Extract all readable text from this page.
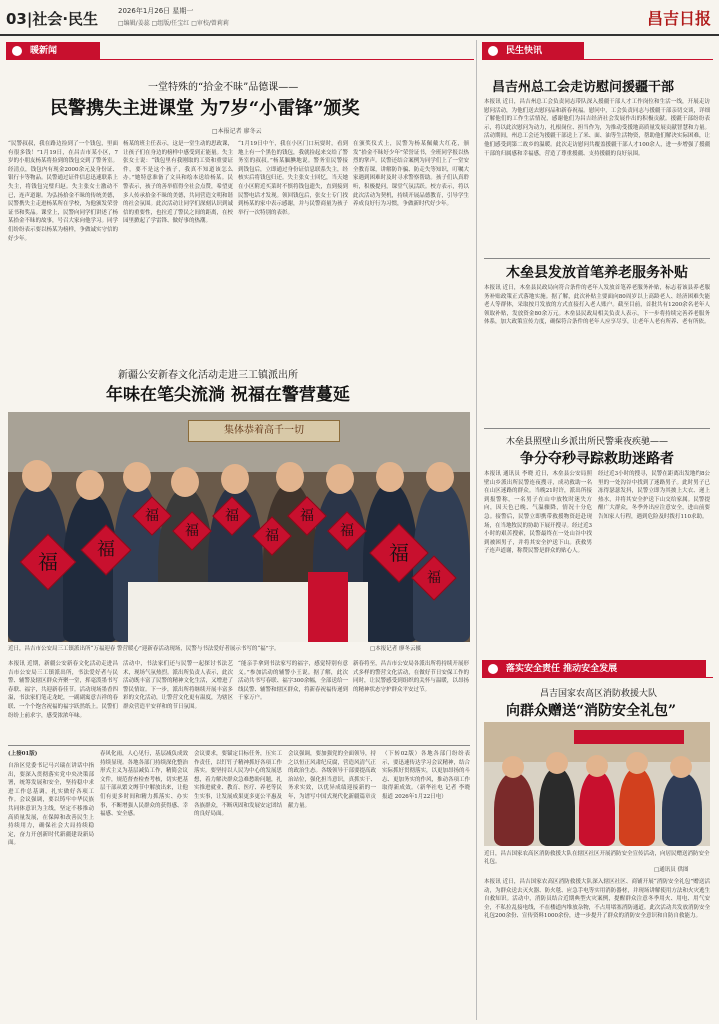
03|社会·民生	2026年1月26日 星期一
□编辑/姜蕊 □组版/任宝红 □审校/曾莉莉	昌吉日报
暖新闻
一堂特殊的“拾金不昧”品德课——
民警携失主进课堂 为7岁“小雷锋”颁奖
□本报记者 廖冬云
“民警叔叔，我在路边捡到了一个钱包，里面有很多钱！”1月19日，在昌吉市某小区，7岁的小朋友杨某将捡到的钱包交到了警务室。经清点，钱包内有现金2000余元及身份证、银行卡等物品。民警通过证件信息迅速联系上失主，将钱包完璧归赵。失主张女士激动不已，连声道谢。为弘扬拾金不昧的传统美德，民警携失主走进杨某所在学校，为他颁发荣誉证书和奖品。课堂上，民警向同学们讲述了杨某拾金不昧的故事，号召大家向他学习。同学们纷纷表示要以杨某为榜样，争做诚实守信的好少年。
杨某的班主任表示，这是一堂生动的思政课，让孩子们在身边的榜样中感受到正能量。失主张女士说：“钱包里有我刚取的工资和重要证件，要不是这个孩子，我真不知道该怎么办。”她特意准备了文具和绘本送给杨某。民警表示，孩子的善举值得全社会点赞，希望更多人传承拾金不昧的美德，共同营造文明和谐的社会氛围。此次活动让同学们深刻认识到诚信的重要性，也拉近了警民之间的距离，在校园里掀起了学雷锋、做好事的热潮。
“1月19日中午，我在小区门口玩耍时，看到地上有一个黑色的钱包，我就捡起来交给了警务室的叔叔。”杨某腼腆地说。警务室民警接到钱包后，立即通过身份证信息联系失主，经核实后将钱包归还。失主张女士回忆，当天她在小区附近买菜时不慎将钱包遗失，直到接到民警电话才发现。领回钱包后，张女士专门找到杨某的家中表示感谢，并与民警商量为孩子举行一次特别的表彰。
在颁奖仪式上，民警为杨某佩戴大红花，颁发“拾金不昧好少年”荣誉证书，全班同学报以热烈的掌声。民警还结合案例为同学们上了一堂安全教育课，讲解防诈骗、防走失等知识，叮嘱大家遇到困难时及时寻求警察帮助。孩子们认真聆听，积极提问，课堂气氛活跃。校方表示，将以此次活动为契机，持续开展品德教育，引导学生养成良好行为习惯，争做新时代好少年。
新疆公安新春文化活动走进三工镇派出所
年味在笔尖流淌 祝福在警营蔓延
集体恭着高千一切
福
福
福
福
福
福
福
福
福
福
近日，昌吉市公安局三工镇派出所“万福迎春 警营暖心”迎新春活动现场，民警与书法爱好者展示书写的“福”字。	□本报记者 廖冬云摄
本报讯 近期，新疆公安新春文化活动走进昌吉市公安局三工镇派出所，书法爱好者与民警、辅警及辖区群众齐聚一堂，挥毫泼墨书写春联、福字，共迎新春佳节。活动现场墨香四溢，书法家们笔走龙蛇，一副副寓意吉祥的春联、一个个饱含祝福的福字跃然纸上。民警们纷纷上前求字，感受浓浓年味。
活动中，书法家们还与民警一起探讨书法艺术，现场气氛热烈。派出所负责人表示，此次活动既丰富了民警的精神文化生活，又增进了警民情谊。下一步，派出所将继续开展丰富多彩的文化活动，让警营文化更有温度，为辖区群众营造平安祥和的节日氛围。
“能亲手拿到书法家写的福字，感觉特别有意义。”参加活动的辅警小王说。据了解，此次活动共书写春联、福字300余幅，全部送给一线民警、辅警和辖区群众，将新春祝福传递到千家万户。
新春将至，昌吉市公安局各派出所将持续开展形式多样的警营文化活动，在做好节日安保工作的同时，让民警感受到组织的关怀与温暖，以昂扬的精神状态守护群众平安过节。
(上接01版)
自治区党委书记马兴瑞在讲话中指出，要深入贯彻落实党中央决策部署，统筹发展和安全，坚持稳中求进工作总基调，扎实做好各项工作。会议强调，要以铸牢中华民族共同体意识为主线，坚定不移推动高质量发展，在保障和改善民生上持续用力，确保社会大局持续稳定，奋力开创新时代新疆建设新局面。
春风化雨，人心见行，基层减负成效持续显现。各地各部门持续深化整治形式主义为基层减负工作，精简会议文件，规范督查检查考核，切实把基层干部从繁文缛节中解放出来，让他们有更多时间和精力抓落实、办实事，不断增强人民群众的获得感、幸福感、安全感。
会议要求，要锚定目标任务，压实工作责任，以钉钉子精神抓好各项工作落实。要坚持以人民为中心的发展思想，着力解决群众急难愁盼问题，扎实推进就业、教育、医疗、养老等民生实事，让发展成果更多更公平惠及各族群众，不断巩固和发展安定团结的良好局面。
会议强调，要加强党的全面领导，持之以恒正风肃纪反腐，营造风清气正的政治生态。各级领导干部要提高政治站位，强化担当意识，真抓实干、务求实效，以优异成绩迎接新的一年，为谱写中国式现代化新疆篇章贡献力量。
（下转02版）各地各部门纷纷表示，要迅速传达学习会议精神，结合实际抓好贯彻落实，以更加昂扬的斗志、更加务实的作风，推动各项工作取得新成效。（新华社电 记者 李晓 报道 2026年1月22日电）
民生快讯
昌吉州总工会走访慰问援疆干部
本报讯 近日，昌吉州总工会负责同志带队深入援疆干部人才工作岗位和生活一线，开展走访慰问活动，为他们送去慰问品和新春祝福。慰问中，工会负责同志与援疆干部亲切交谈，详细了解他们的工作生活情况，感谢他们为昌吉经济社会发展作出的积极贡献。援疆干部纷纷表示，将以此次慰问为动力，扎根岗位、担当作为，为推动受援地高质量发展贡献智慧和力量。活动期间，州总工会还为援疆干部送上了米、面、油等生活物资，帮助他们解决实际困难，让他们感受到第二故乡的温暖。此次走访慰问共覆盖援疆干部人才100余人，进一步增强了援疆干部的归属感和幸福感，营造了尊重援疆、支持援疆的良好氛围。
木垒县发放首笔养老服务补贴
本报讯 近日，木垒县民政局向符合条件的老年人发放首笔养老服务补贴，标志着该县养老服务补贴政策正式落地实施。据了解，此次补贴主要面向80周岁以上高龄老人、经济困难失能老人等群体，采取按月发放的方式直接打入老人账户。截至目前，首批共有1200余名老年人领取补贴，发放资金80余万元。木垒县民政局相关负责人表示，下一步将持续完善养老服务体系，加大政策宣传力度，确保符合条件的老年人应享尽享，让老年人老有所养、老有所依。
木垒县照壁山乡派出所民警乘夜疾驰——
争分夺秒寻踪救助迷路者
本报讯 通讯员 李晓 近日，木垒县公安局照壁山乡派出所民警连夜搜寻，成功救助一名在山区迷路的群众。当晚21时许，派出所接到报警称，一名男子在山中放牧时迷失方向，因天色已晚、气温骤降，情况十分危急。接警后，民警立即携带救援物资赶赴现场，在当地牧民的协助下展开搜寻。经过近3小时的艰苦搜索，民警最终在一处山谷中找到被困男子，并将其安全护送下山。获救男子连声道谢，称赞民警是群众的贴心人。
经过近3小时的搜寻，民警在距离出发地约8公里的一处沟谷中找到了迷路男子。此时男子已冻得瑟瑟发抖，民警立即为其披上大衣、递上热水，并将其安全护送下山交给家属。民警提醒广大群众，冬季外出应注意安全，进山前要告知家人行程，遇到危险及时拨打110求助。
落实安全责任 推动安全发展
昌吉国家农高区消防救援大队
向群众赠送“消防安全礼包”
近日，昌吉国家农高区消防救援大队在辖区社区开展消防安全宣传活动，向居民赠送消防安全礼包。
□通讯员 供图
本报讯 近日，昌吉国家农高区消防救援大队深入辖区社区、商铺开展“消防安全礼包”赠送活动，为群众送去灭火器、防火毯、应急手电等实用消防器材，并现场讲解使用方法和火灾逃生自救知识。活动中，消防员结合近期典型火灾案例，提醒群众注意冬季用火、用电、用气安全，不私拉乱接电线，不在楼道内堆放杂物，不占用堵塞消防通道。此次活动共发放消防安全礼包200余份、宣传资料1000余份，进一步提升了群众的消防安全意识和自防自救能力。
